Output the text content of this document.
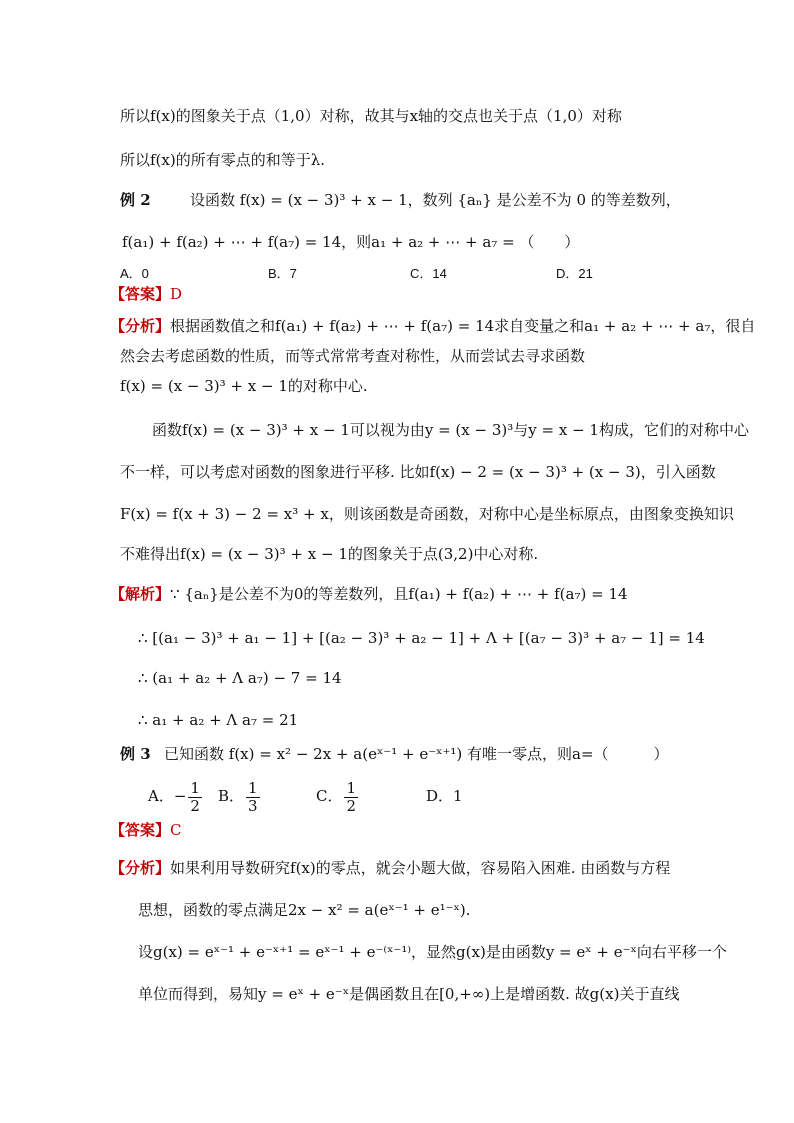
所以f(x)的图象关于点（1,0）对称，故其与x轴的交点也关于点（1,0）对称
所以f(x)的所有零点的和等于λ.
例 2	设函数 f(x) = (x − 3)³ + x − 1，数列 {aₙ} 是公差不为 0 的等差数列，
f(a₁) + f(a₂) + ⋯ + f(a₇) = 14，则a₁ + a₂ + ⋯ + a₇ = （　　）
A．0	B．7	C．14	D．21
【答案】D
【分析】根据函数值之和f(a₁) + f(a₂) + ⋯ + f(a₇) = 14求自变量之和a₁ + a₂ + ⋯ + a₇，很自
然会去考虑函数的性质，而等式常常考查对称性，从而尝试去寻求函数
f(x) = (x − 3)³ + x − 1的对称中心.
函数f(x) = (x − 3)³ + x − 1可以视为由y = (x − 3)³与y = x − 1构成，它们的对称中心
不一样，可以考虑对函数的图象进行平移. 比如f(x) − 2 = (x − 3)³ + (x − 3)，引入函数
F(x) = f(x + 3) − 2 = x³ + x，则该函数是奇函数，对称中心是坐标原点，由图象变换知识
不难得出f(x) = (x − 3)³ + x − 1的图象关于点(3,2)中心对称.
【解析】∵ {aₙ}是公差不为0的等差数列，且f(a₁) + f(a₂) + ⋯ + f(a₇) = 14
∴ [(a₁ − 3)³ + a₁ − 1] + [(a₂ − 3)³ + a₂ − 1] + Λ + [(a₇ − 3)³ + a₇ − 1] = 14
∴ (a₁ + a₂ + Λ a₇) − 7 = 14
∴ a₁ + a₂ + Λ a₇ = 21
例 3 已知函数 f(x) = x² − 2x + a(eˣ⁻¹ + e⁻ˣ⁺¹) 有唯一零点，则a=（　　　）
A．− $\frac{1}{2}$ B． $\frac{1}{3}$	C． $\frac{1}{2}$	D．1
【答案】C
【分析】如果利用导数研究f(x)的零点，就会小题大做，容易陷入困难. 由函数与方程
思想，函数的零点满足2x − x² = a(eˣ⁻¹ + e¹⁻ˣ).
设g(x) = eˣ⁻¹ + e⁻ˣ⁺¹ = eˣ⁻¹ + e⁻⁽ˣ⁻¹⁾，显然g(x)是由函数y = eˣ + e⁻ˣ向右平移一个
单位而得到，易知y = eˣ + e⁻ˣ是偶函数且在[0,+∞)上是增函数. 故g(x)关于直线
